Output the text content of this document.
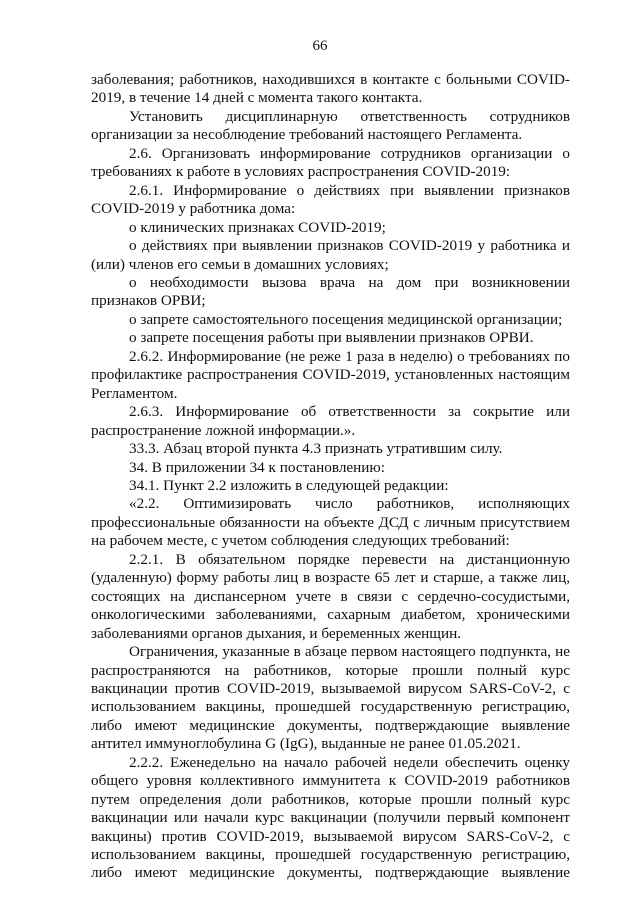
66

заболевания; работников, находившихся в контакте с больными COVID-2019, в течение 14 дней с момента такого контакта.

Установить дисциплинарную ответственность сотрудников организации за несоблюдение требований настоящего Регламента.

2.6. Организовать информирование сотрудников организации о требованиях к работе в условиях распространения COVID-2019:

2.6.1. Информирование о действиях при выявлении признаков COVID-2019 у работника дома:

о клинических признаках COVID-2019;

о действиях при выявлении признаков COVID-2019 у работника и (или) членов его семьи в домашних условиях;

о необходимости вызова врача на дом при возникновении признаков ОРВИ;

о запрете самостоятельного посещения медицинской организации;

о запрете посещения работы при выявлении признаков ОРВИ.

2.6.2. Информирование (не реже 1 раза в неделю) о требованиях по профилактике распространения COVID-2019, установленных настоящим Регламентом.

2.6.3. Информирование об ответственности за сокрытие или распространение ложной информации.».

33.3. Абзац второй пункта 4.3 признать утратившим силу.

34. В приложении 34 к постановлению:

34.1. Пункт 2.2 изложить в следующей редакции:

«2.2. Оптимизировать число работников, исполняющих профессиональные обязанности на объекте ДСД с личным присутствием на рабочем месте, с учетом соблюдения следующих требований:

2.2.1. В обязательном порядке перевести на дистанционную (удаленную) форму работы лиц в возрасте 65 лет и старше, а также лиц, состоящих на диспансерном учете в связи с сердечно-сосудистыми, онкологическими заболеваниями, сахарным диабетом, хроническими заболеваниями органов дыхания, и беременных женщин.

Ограничения, указанные в абзаце первом настоящего подпункта, не распространяются на работников, которые прошли полный курс вакцинации против COVID-2019, вызываемой вирусом SARS-CoV-2, с использованием вакцины, прошедшей государственную регистрацию, либо имеют медицинские документы, подтверждающие выявление антител иммуноглобулина G (IgG), выданные не ранее 01.05.2021.

2.2.2. Еженедельно на начало рабочей недели обеспечить оценку общего уровня коллективного иммунитета к COVID-2019 работников путем определения доли работников, которые прошли полный курс вакцинации или начали курс вакцинации (получили первый компонент вакцины) против COVID-2019, вызываемой вирусом SARS-CoV-2, с использованием вакцины, прошедшей государственную регистрацию, либо имеют медицинские документы, подтверждающие выявление
